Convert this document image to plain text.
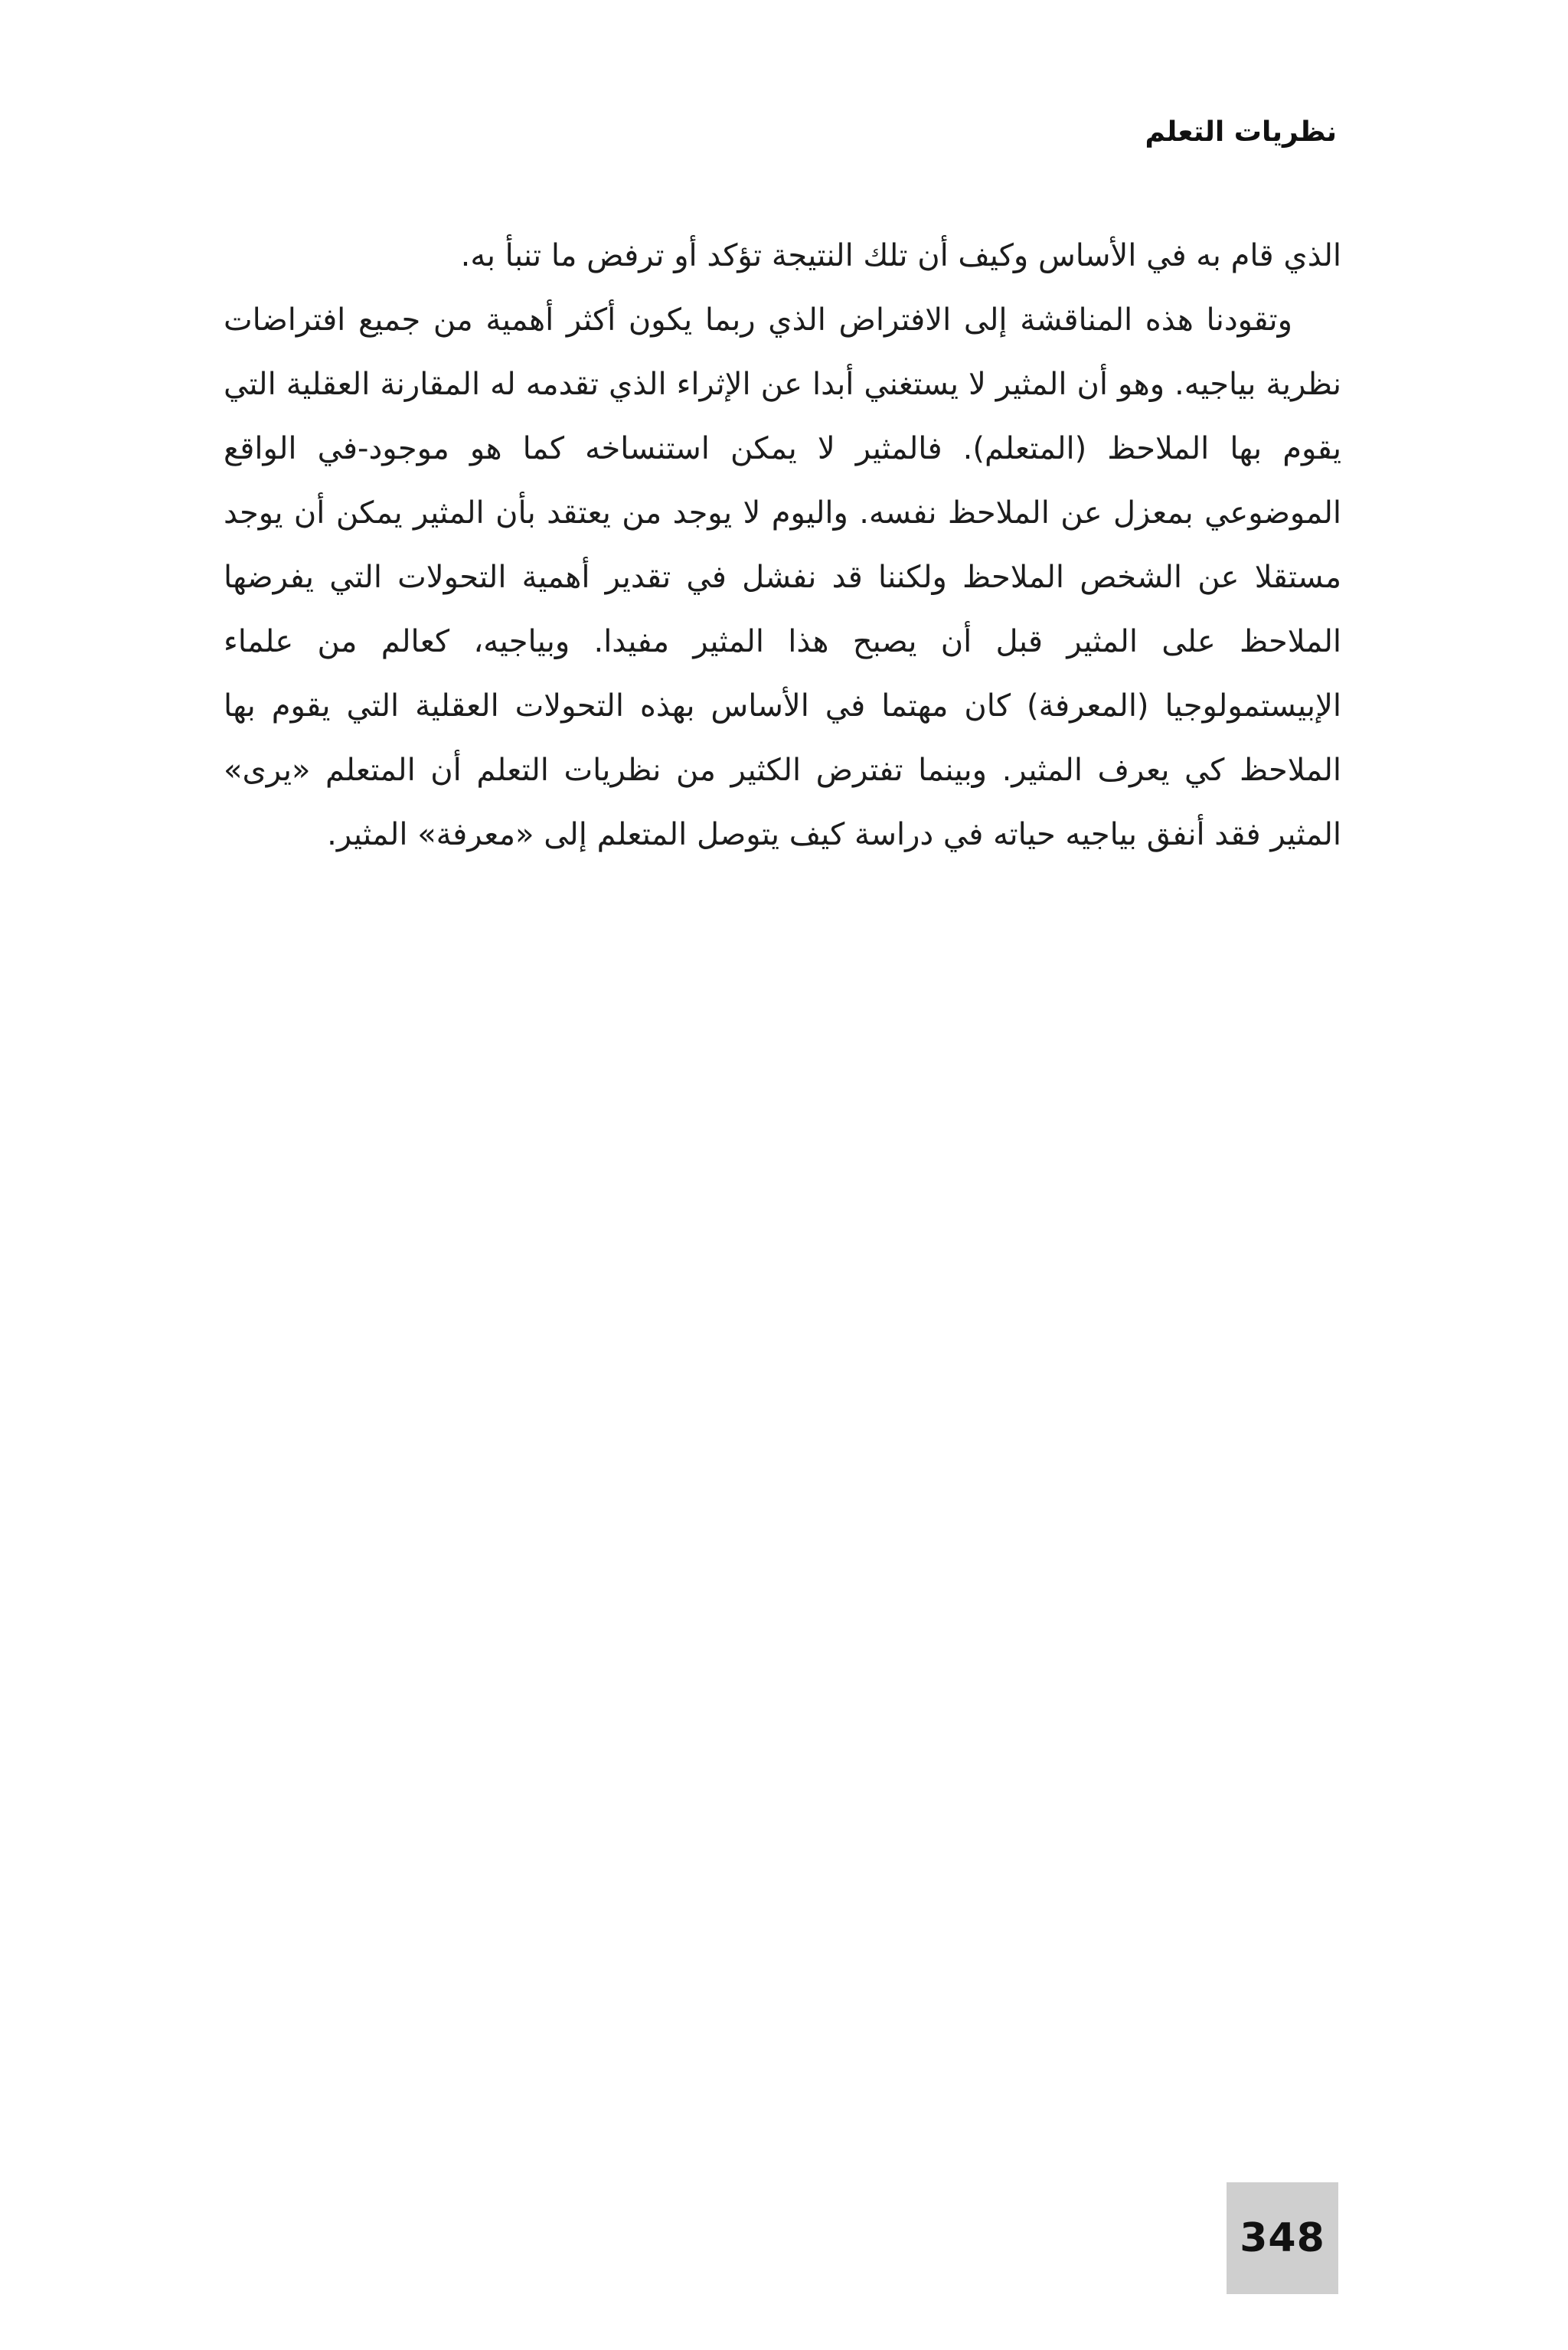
نظريات التعلم

الذي قام به في الأساس وكيف أن تلك النتيجة تؤكد أو ترفض ما تنبأ به.

وتقودنا هذه المناقشة إلى الافتراض الذي ربما يكون أكثر أهمية من جميع افتراضات نظرية بياجيه. وهو أن المثير لا يستغني أبدا عن الإثراء الذي تقدمه له المقارنة العقلية التي يقوم بها الملاحظ (المتعلم). فالمثير لا يمكن استنساخه كما هو موجود-في الواقع الموضوعي بمعزل عن الملاحظ نفسه. واليوم لا يوجد من يعتقد بأن المثير يمكن أن يوجد مستقلا عن الشخص الملاحظ ولكننا قد نفشل في تقدير أهمية التحولات التي يفرضها الملاحظ على المثير قبل أن يصبح هذا المثير مفيدا. وبياجيه، كعالم من علماء الإبيستمولوجيا (المعرفة) كان مهتما في الأساس بهذه التحولات العقلية التي يقوم بها الملاحظ كي يعرف المثير. وبينما تفترض الكثير من نظريات التعلم أن المتعلم «يرى» المثير فقد أنفق بياجيه حياته في دراسة كيف يتوصل المتعلم إلى «معرفة» المثير.

348
